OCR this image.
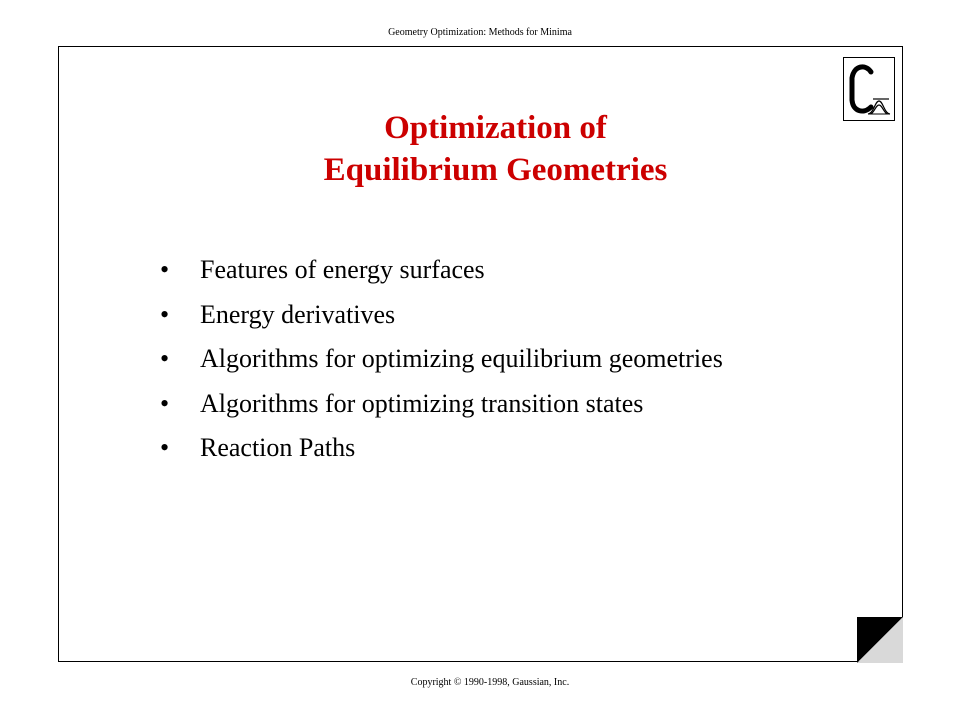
Geometry Optimization: Methods for Minima
Optimization of
Equilibrium Geometries
•	Features of energy surfaces
•	Energy derivatives
•	Algorithms for optimizing equilibrium geometries
•	Algorithms for optimizing transition states
•	Reaction Paths
Copyright © 1990-1998, Gaussian, Inc.
